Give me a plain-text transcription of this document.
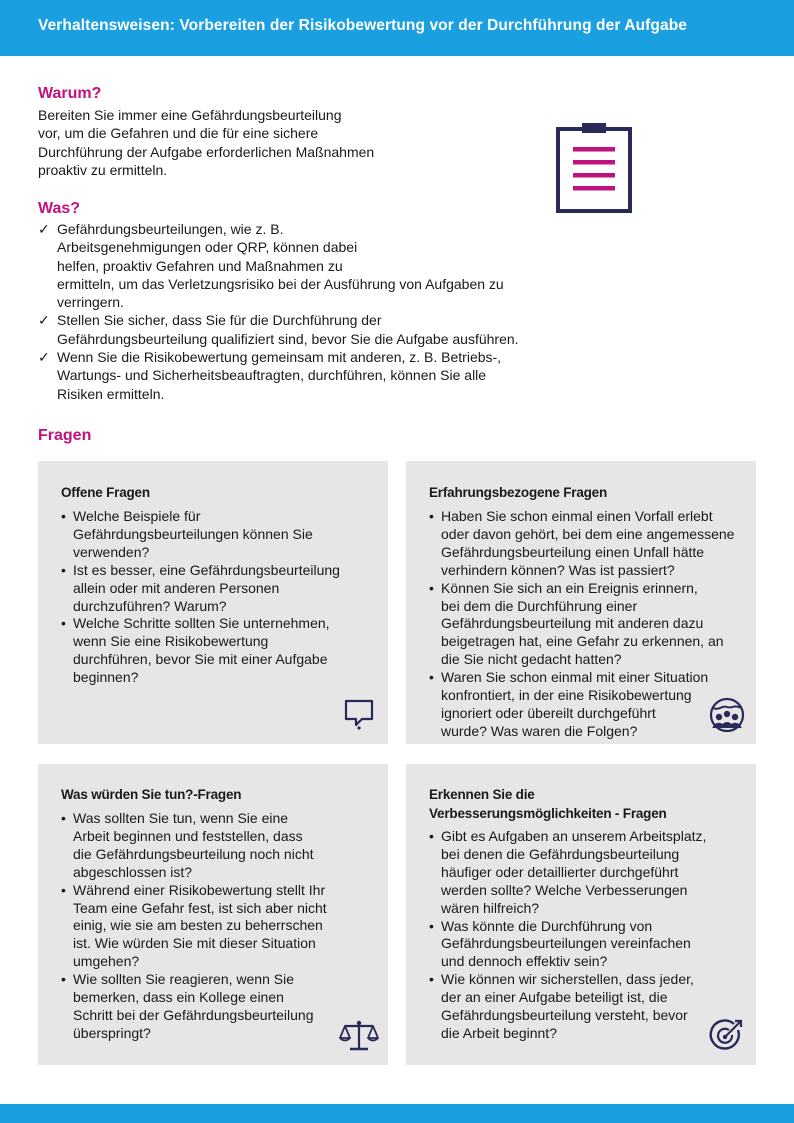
Verhaltensweisen: Vorbereiten der Risikobewertung vor der Durchführung der Aufgabe
Warum?
Bereiten Sie immer eine Gefährdungsbeurteilung
vor, um die Gefahren und die für eine sichere
Durchführung der Aufgabe erforderlichen Maßnahmen
proaktiv zu ermitteln.
Was?
✓ Gefährdungsbeurteilungen, wie z. B.
Arbeitsgenehmigungen oder QRP, können dabei
helfen, proaktiv Gefahren und Maßnahmen zu
ermitteln, um das Verletzungsrisiko bei der Ausführung von Aufgaben zu
verringern.
✓ Stellen Sie sicher, dass Sie für die Durchführung der
Gefährdungsbeurteilung qualifiziert sind, bevor Sie die Aufgabe ausführen.
✓ Wenn Sie die Risikobewertung gemeinsam mit anderen, z. B. Betriebs-,
Wartungs- und Sicherheitsbeauftragten, durchführen, können Sie alle
Risiken ermitteln.
Fragen
Offene Fragen
• Welche Beispiele für
Gefährdungsbeurteilungen können Sie
verwenden?
• Ist es besser, eine Gefährdungsbeurteilung
allein oder mit anderen Personen
durchzuführen? Warum?
• Welche Schritte sollten Sie unternehmen,
wenn Sie eine Risikobewertung
durchführen, bevor Sie mit einer Aufgabe
beginnen?
Erfahrungsbezogene Fragen
• Haben Sie schon einmal einen Vorfall erlebt
oder davon gehört, bei dem eine angemessene
Gefährdungsbeurteilung einen Unfall hätte
verhindern können? Was ist passiert?
• Können Sie sich an ein Ereignis erinnern,
bei dem die Durchführung einer
Gefährdungsbeurteilung mit anderen dazu
beigetragen hat, eine Gefahr zu erkennen, an
die Sie nicht gedacht hatten?
• Waren Sie schon einmal mit einer Situation
konfrontiert, in der eine Risikobewertung
ignoriert oder übereilt durchgeführt
wurde? Was waren die Folgen?
Was würden Sie tun?-Fragen
• Was sollten Sie tun, wenn Sie eine
Arbeit beginnen und feststellen, dass
die Gefährdungsbeurteilung noch nicht
abgeschlossen ist?
• Während einer Risikobewertung stellt Ihr
Team eine Gefahr fest, ist sich aber nicht
einig, wie sie am besten zu beherrschen
ist. Wie würden Sie mit dieser Situation
umgehen?
• Wie sollten Sie reagieren, wenn Sie
bemerken, dass ein Kollege einen
Schritt bei der Gefährdungsbeurteilung
überspringt?
Erkennen Sie die
Verbesserungsmöglichkeiten - Fragen
• Gibt es Aufgaben an unserem Arbeitsplatz,
bei denen die Gefährdungsbeurteilung
häufiger oder detaillierter durchgeführt
werden sollte? Welche Verbesserungen
wären hilfreich?
• Was könnte die Durchführung von
Gefährdungsbeurteilungen vereinfachen
und dennoch effektiv sein?
• Wie können wir sicherstellen, dass jeder,
der an einer Aufgabe beteiligt ist, die
Gefährdungsbeurteilung versteht, bevor
die Arbeit beginnt?
